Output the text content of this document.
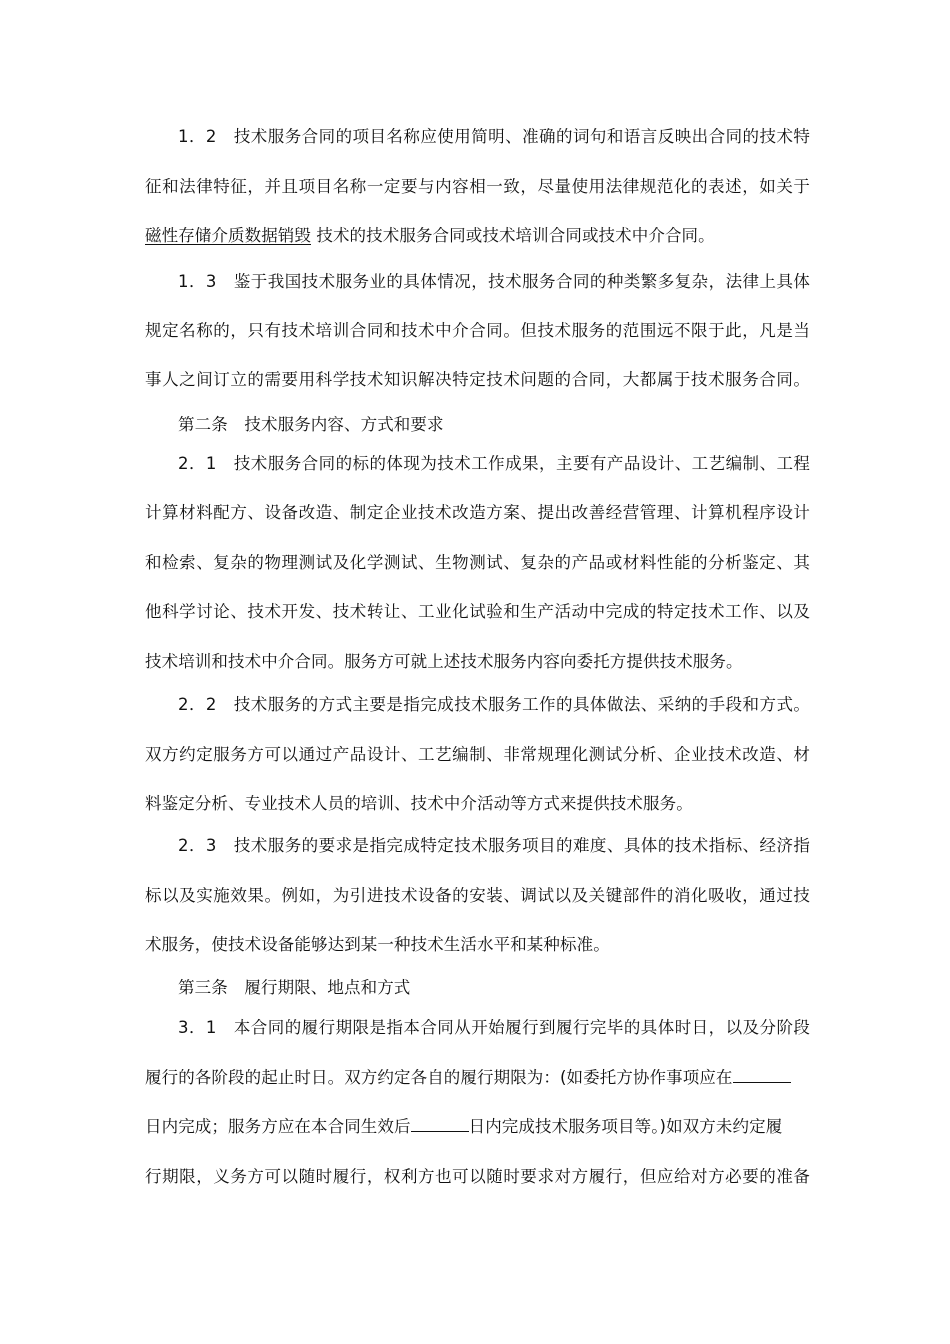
1．2　技术服务合同的项目名称应使用简明、准确的词句和语言反映出合同的技术特
征和法律特征，并且项目名称一定要与内容相一致，尽量使用法律规范化的表述，如关于
磁性存储介质数据销毁 技术的技术服务合同或技术培训合同或技术中介合同。
1．3　鉴于我国技术服务业的具体情况，技术服务合同的种类繁多复杂，法律上具体
规定名称的，只有技术培训合同和技术中介合同。但技术服务的范围远不限于此，凡是当
事人之间订立的需要用科学技术知识解决特定技术问题的合同，大都属于技术服务合同。
第二条　技术服务内容、方式和要求
2．1　技术服务合同的标的体现为技术工作成果，主要有产品设计、工艺编制、工程
计算材料配方、设备改造、制定企业技术改造方案、提出改善经营管理、计算机程序设计
和检索、复杂的物理测试及化学测试、生物测试、复杂的产品或材料性能的分析鉴定、其
他科学讨论、技术开发、技术转让、工业化试验和生产活动中完成的特定技术工作、以及
技术培训和技术中介合同。服务方可就上述技术服务内容向委托方提供技术服务。
2．2　技术服务的方式主要是指完成技术服务工作的具体做法、采纳的手段和方式。
双方约定服务方可以通过产品设计、工艺编制、非常规理化测试分析、企业技术改造、材
料鉴定分析、专业技术人员的培训、技术中介活动等方式来提供技术服务。
2．3　技术服务的要求是指完成特定技术服务项目的难度、具体的技术指标、经济指
标以及实施效果。例如，为引进技术设备的安装、调试以及关键部件的消化吸收，通过技
术服务，使技术设备能够达到某一种技术生活水平和某种标准。
第三条　履行期限、地点和方式
3．1　本合同的履行期限是指本合同从开始履行到履行完毕的具体时日，以及分阶段
履行的各阶段的起止时日。双方约定各自的履行期限为：(如委托方协作事项应在
日内完成；服务方应在本合同生效后	日内完成技术服务项目等。)如双方未约定履
行期限，义务方可以随时履行，权利方也可以随时要求对方履行，但应给对方必要的准备
